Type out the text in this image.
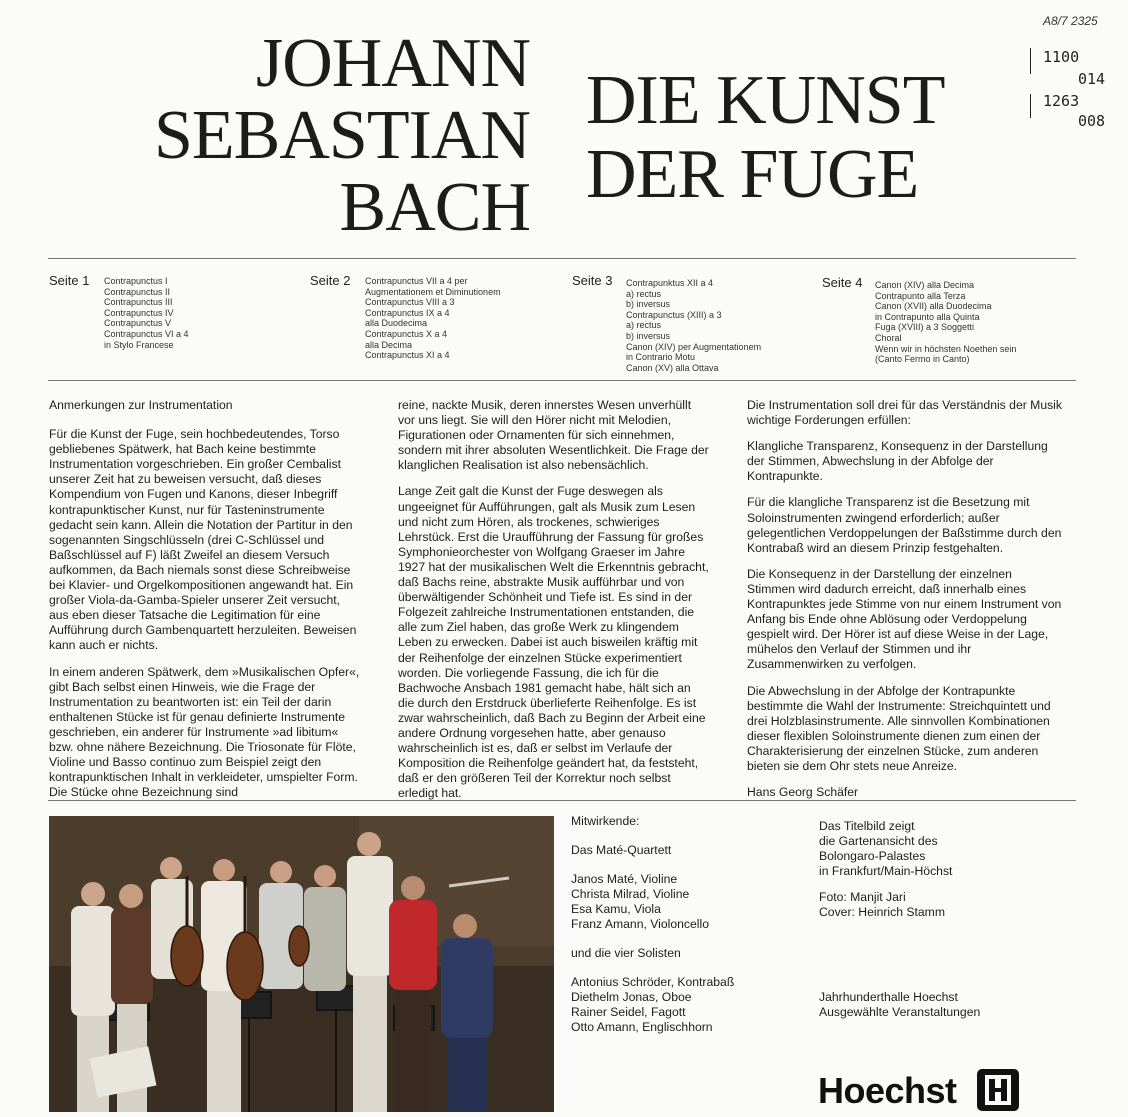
JOHANN
SEBASTIAN
BACH
DIE KUNST
DER FUGE
A8/7 2325
1100
014
1263
008
Seite 1 Contrapunctus I
Contrapunctus II
Contrapunctus III
Contrapunctus IV
Contrapunctus V
Contrapunctus VI a 4
in Stylo Francese
Seite 2 Contrapunctus VII a 4 per
Augmentationem et Diminutionem
Contrapunctus VIII a 3
Contrapunctus IX a 4
alla Duodecima
Contrapunctus X a 4
alla Decima
Contrapunctus XI a 4
Seite 3 Contrapunktus XII a 4
a) rectus
b) inversus
Contrapunctus (XIII) a 3
a) rectus
b) inversus
Canon (XIV) per Augmentationem
in Contrario Motu
Canon (XV) alla Ottava
Seite 4 Canon (XIV) alla Decima
Contrapunto alla Terza
Canon (XVII) alla Duodecima
in Contrapunto alla Quinta
Fuga (XVIII) a 3 Soggetti
Choral
Wenn wir in höchsten Noethen sein
(Canto Fermo in Canto)

Anmerkungen zur Instrumentation

Für die Kunst der Fuge, sein hochbedeutendes, Torso gebliebenes Spätwerk, hat Bach keine bestimmte Instrumentation vorgeschrieben. Ein großer Cembalist unserer Zeit hat zu beweisen versucht, daß dieses Kompendium von Fugen und Kanons, dieser Inbegriff kontrapunktischer Kunst, nur für Tasteninstrumente gedacht sein kann. Allein die Notation der Partitur in den sogenannten Singschlüsseln (drei C-Schlüssel und Baßschlüssel auf F) läßt Zweifel an diesem Versuch aufkommen, da Bach niemals sonst diese Schreibweise bei Klavier- und Orgelkompositionen angewandt hat. Ein großer Viola-da-Gamba-Spieler unserer Zeit versucht, aus eben dieser Tatsache die Legitimation für eine Aufführung durch Gambenquartett herzuleiten. Beweisen kann auch er nichts.

In einem anderen Spätwerk, dem »Musikalischen Opfer«, gibt Bach selbst einen Hinweis, wie die Frage der Instrumentation zu beantworten ist: ein Teil der darin enthaltenen Stücke ist für genau definierte Instrumente geschrieben, ein anderer für Instrumente »ad libitum« bzw. ohne nähere Bezeichnung. Die Triosonate für Flöte, Violine und Basso continuo zum Beispiel zeigt den kontrapunktischen Inhalt in verkleideter, umspielter Form. Die Stücke ohne Bezeichnung sind

reine, nackte Musik, deren innerstes Wesen unverhüllt vor uns liegt. Sie will den Hörer nicht mit Melodien, Figurationen oder Ornamenten für sich einnehmen, sondern mit ihrer absoluten Wesentlichkeit. Die Frage der klanglichen Realisation ist also nebensächlich.

Lange Zeit galt die Kunst der Fuge deswegen als ungeeignet für Aufführungen, galt als Musik zum Lesen und nicht zum Hören, als trockenes, schwieriges Lehrstück. Erst die Uraufführung der Fassung für großes Symphonieorchester von Wolfgang Graeser im Jahre 1927 hat der musikalischen Welt die Erkenntnis gebracht, daß Bachs reine, abstrakte Musik aufführbar und von überwältigender Schönheit und Tiefe ist. Es sind in der Folgezeit zahlreiche Instrumentationen entstanden, die alle zum Ziel haben, das große Werk zu klingendem Leben zu erwecken. Dabei ist auch bisweilen kräftig mit der Reihenfolge der einzelnen Stücke experimentiert worden. Die vorliegende Fassung, die ich für die Bachwoche Ansbach 1981 gemacht habe, hält sich an die durch den Erstdruck überlieferte Reihenfolge. Es ist zwar wahrscheinlich, daß Bach zu Beginn der Arbeit eine andere Ordnung vorgesehen hatte, aber genauso wahrscheinlich ist es, daß er selbst im Verlaufe der Komposition die Reihenfolge geändert hat, da feststeht, daß er den größeren Teil der Korrektur noch selbst erledigt hat.

Die Instrumentation soll drei für das Verständnis der Musik wichtige Forderungen erfüllen:

Klangliche Transparenz, Konsequenz in der Darstellung der Stimmen, Abwechslung in der Abfolge der Kontrapunkte.

Für die klangliche Transparenz ist die Besetzung mit Soloinstrumenten zwingend erforderlich; außer gelegentlichen Verdoppelungen der Baßstimme durch den Kontrabaß wird an diesem Prinzip festgehalten.

Die Konsequenz in der Darstellung der einzelnen Stimmen wird dadurch erreicht, daß innerhalb eines Kontrapunktes jede Stimme von nur einem Instrument von Anfang bis Ende ohne Ablösung oder Verdoppelung gespielt wird. Der Hörer ist auf diese Weise in der Lage, mühelos den Verlauf der Stimmen und ihr Zusammenwirken zu verfolgen.

Die Abwechslung in der Abfolge der Kontrapunkte bestimmte die Wahl der Instrumente: Streichquintett und drei Holzblasinstrumente. Alle sinnvollen Kombinationen dieser flexiblen Soloinstrumente dienen zum einen der Charakterisierung der einzelnen Stücke, zum anderen bieten sie dem Ohr stets neue Anreize.

Hans Georg Schäfer

Mitwirkende:
Das Maté-Quartett
Janos Maté, Violine
Christa Milrad, Violine
Esa Kamu, Viola
Franz Amann, Violoncello
und die vier Solisten
Antonius Schröder, Kontrabaß
Diethelm Jonas, Oboe
Rainer Seidel, Fagott
Otto Amann, Englischhorn
Das Titelbild zeigt
die Gartenansicht des
Bolongaro-Palastes
in Frankfurt/Main-Höchst
Foto: Manjit Jari
Cover: Heinrich Stamm
Jahrhunderthalle Hoechst
Ausgewählte Veranstaltungen
Hoechst
